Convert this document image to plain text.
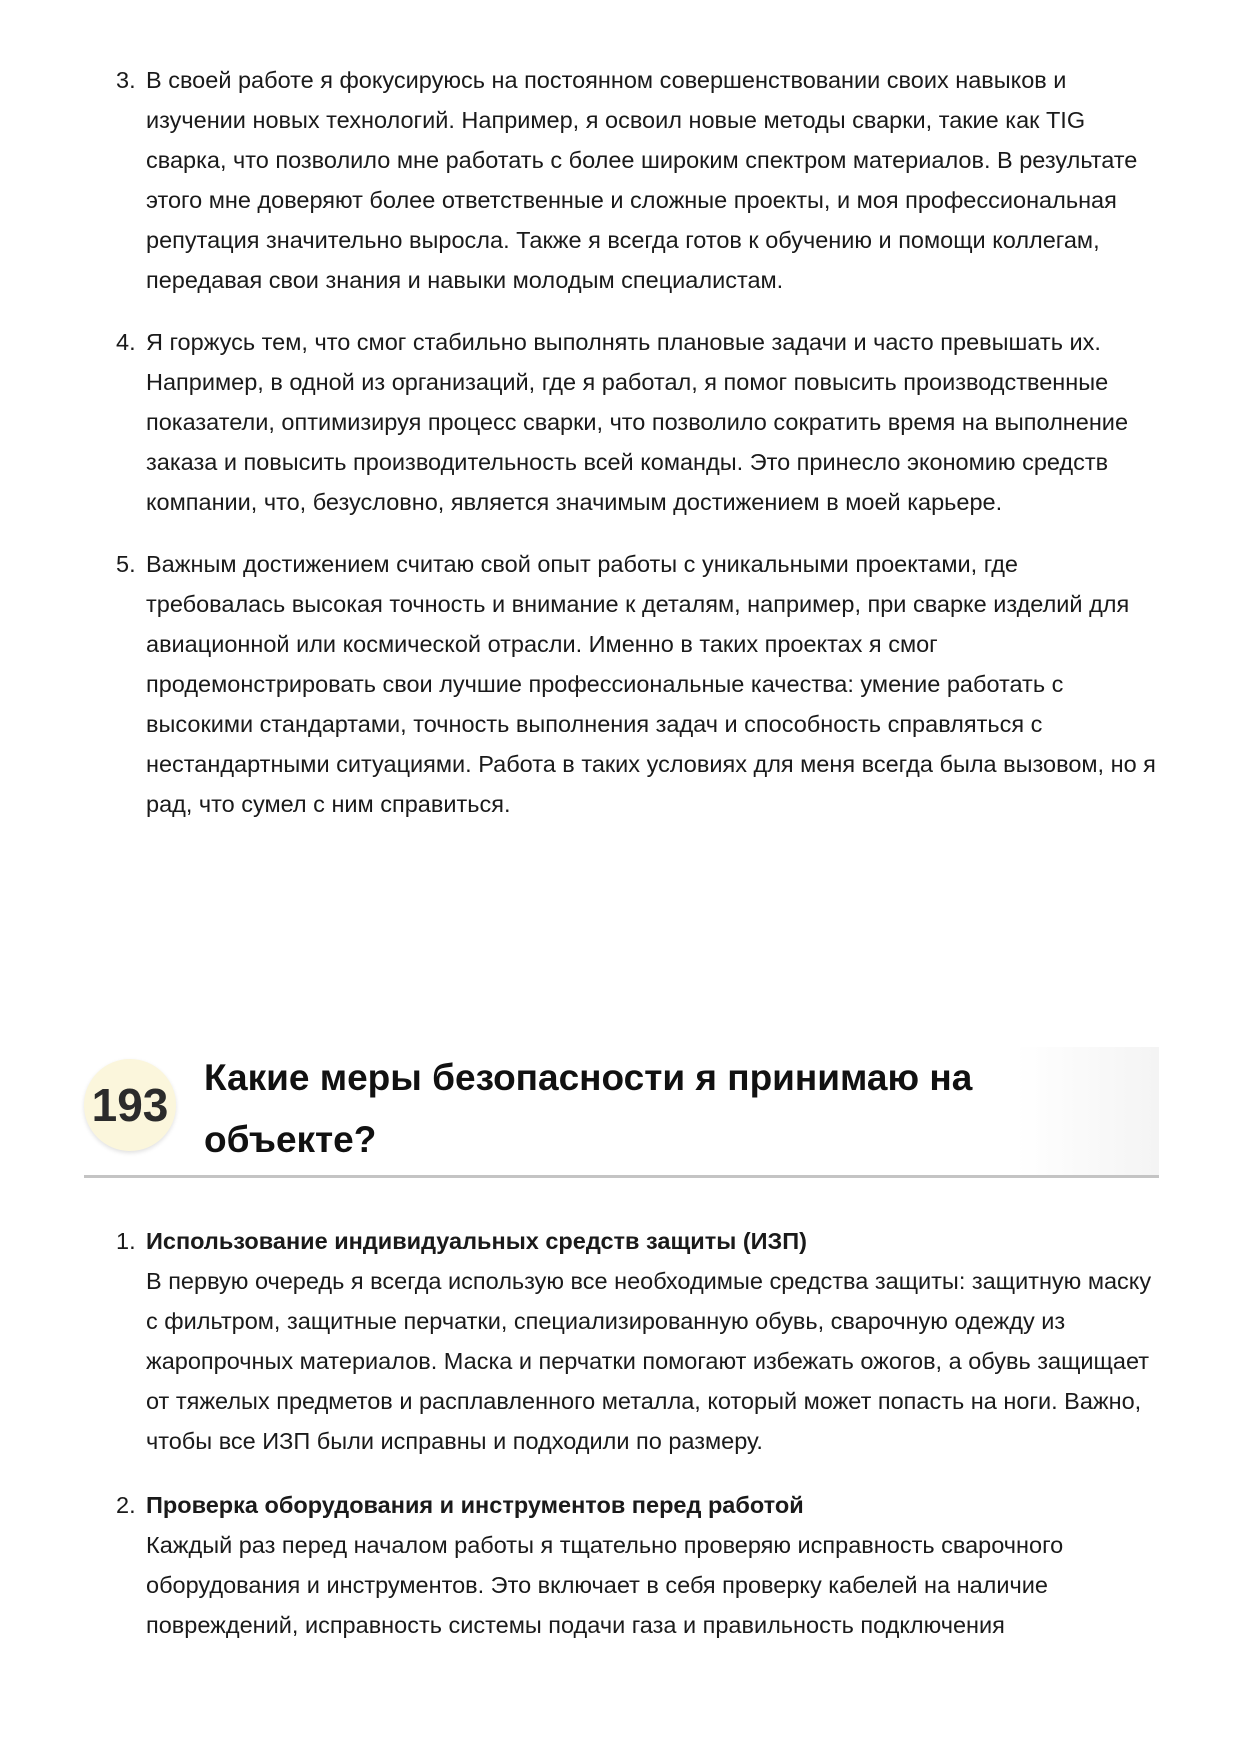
3. В своей работе я фокусируюсь на постоянном совершенствовании своих навыков и изучении новых технологий. Например, я освоил новые методы сварки, такие как TIG сварка, что позволило мне работать с более широким спектром материалов. В результате этого мне доверяют более ответственные и сложные проекты, и моя профессиональная репутация значительно выросла. Также я всегда готов к обучению и помощи коллегам, передавая свои знания и навыки молодым специалистам.

4. Я горжусь тем, что смог стабильно выполнять плановые задачи и часто превышать их. Например, в одной из организаций, где я работал, я помог повысить производственные показатели, оптимизируя процесс сварки, что позволило сократить время на выполнение заказа и повысить производительность всей команды. Это принесло экономию средств компании, что, безусловно, является значимым достижением в моей карьере.

5. Важным достижением считаю свой опыт работы с уникальными проектами, где требовалась высокая точность и внимание к деталям, например, при сварке изделий для авиационной или космической отрасли. Именно в таких проектах я смог продемонстрировать свои лучшие профессиональные качества: умение работать с высокими стандартами, точность выполнения задач и способность справляться с нестандартными ситуациями. Работа в таких условиях для меня всегда была вызовом, но я рад, что сумел с ним справиться.

193
Какие меры безопасности я принимаю на объекте?
1. Использование индивидуальных средств защиты (ИЗП)

В первую очередь я всегда использую все необходимые средства защиты: защитную маску с фильтром, защитные перчатки, специализированную обувь, сварочную одежду из жаропрочных материалов. Маска и перчатки помогают избежать ожогов, а обувь защищает от тяжелых предметов и расплавленного металла, который может попасть на ноги. Важно, чтобы все ИЗП были исправны и подходили по размеру.

2. Проверка оборудования и инструментов перед работой

Каждый раз перед началом работы я тщательно проверяю исправность сварочного оборудования и инструментов. Это включает в себя проверку кабелей на наличие повреждений, исправность системы подачи газа и правильность подключения
